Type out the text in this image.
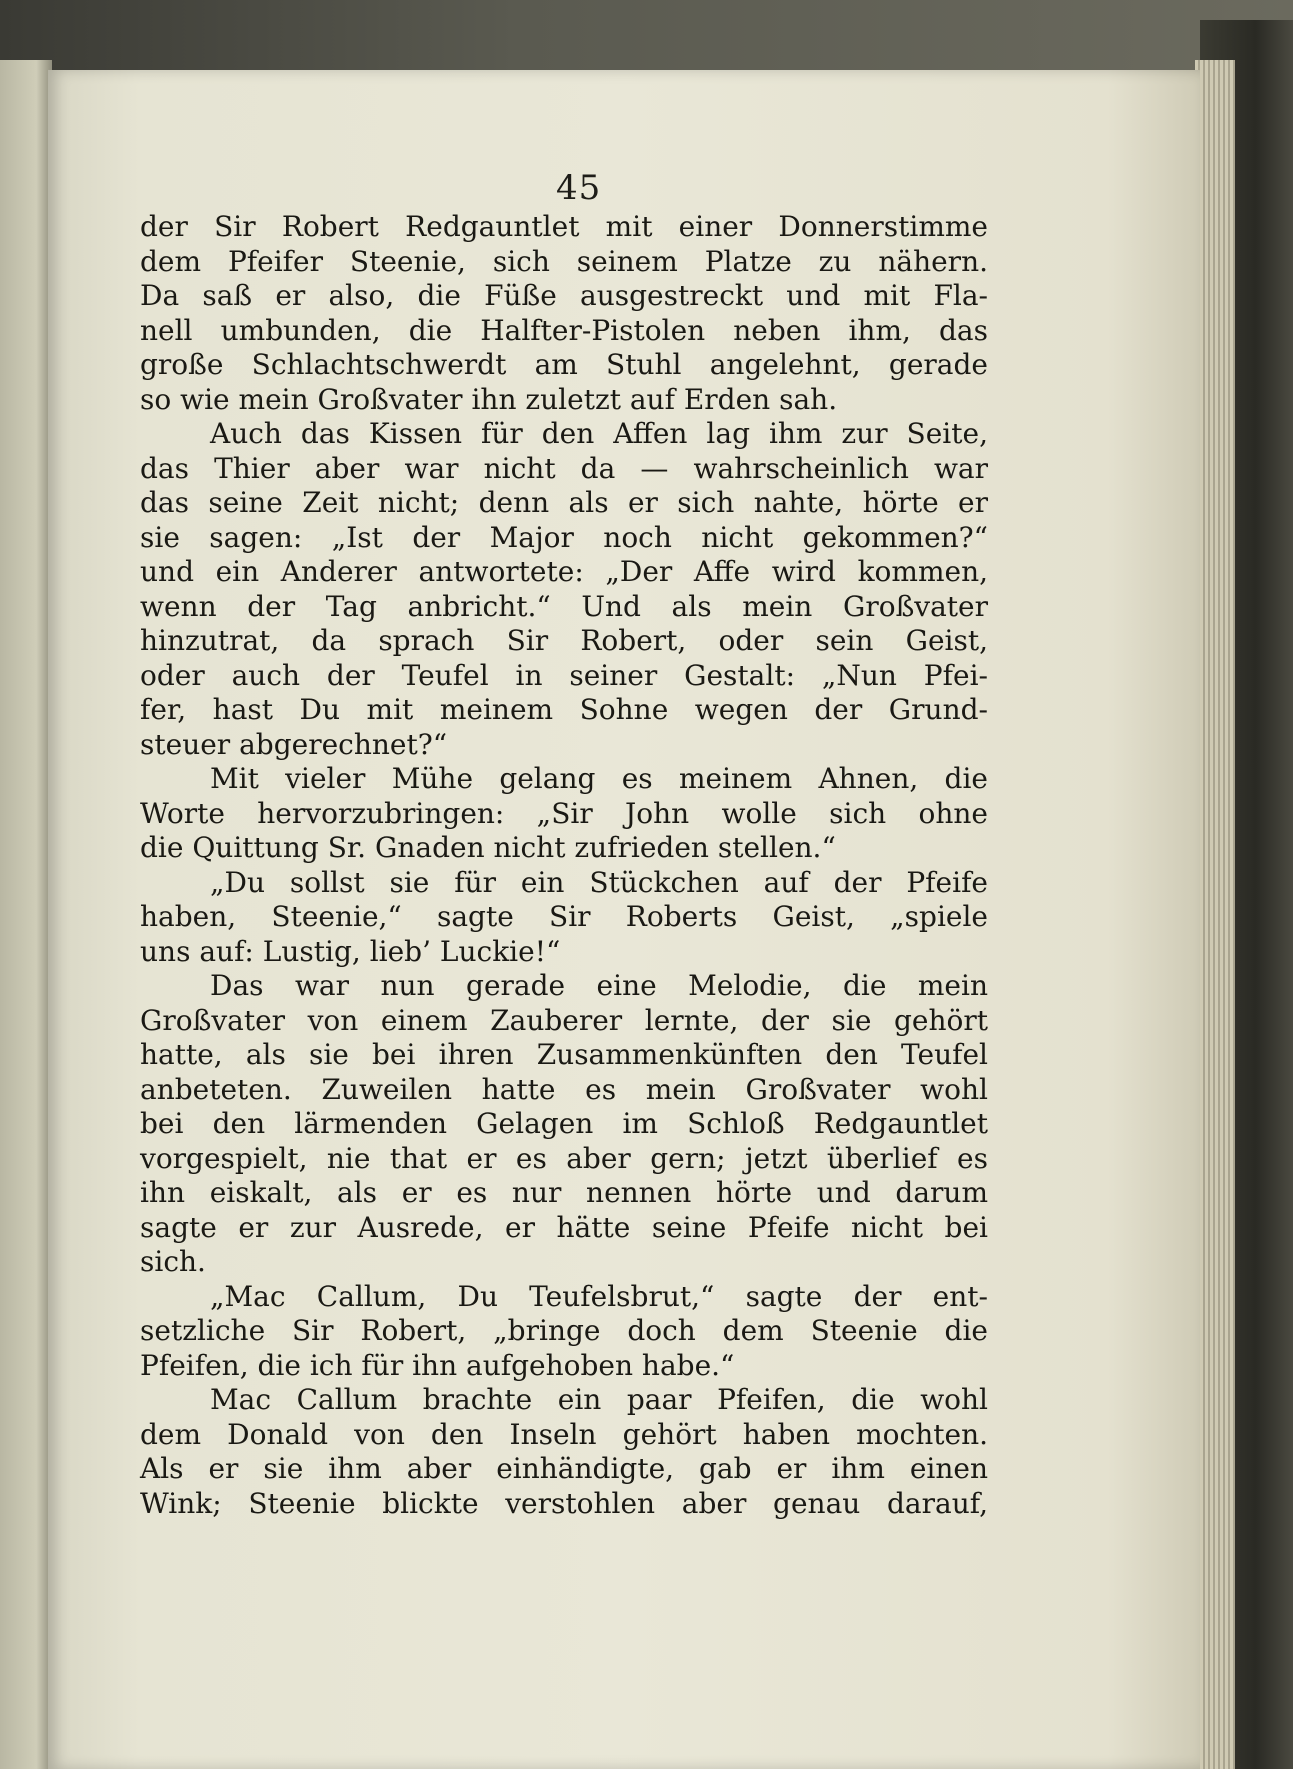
45
der Sir Robert Redgauntlet mit einer Donnerstimme
dem Pfeifer Steenie, sich seinem Platze zu nähern.
Da saß er also, die Füße ausgestreckt und mit Fla-
nell umbunden, die Halfter-Pistolen neben ihm, das
große Schlachtschwerdt am Stuhl angelehnt, gerade
so wie mein Großvater ihn zuletzt auf Erden sah.
Auch das Kissen für den Affen lag ihm zur Seite,
das Thier aber war nicht da — wahrscheinlich war
das seine Zeit nicht; denn als er sich nahte, hörte er
sie sagen: „Ist der Major noch nicht gekommen?“
und ein Anderer antwortete: „Der Affe wird kommen,
wenn der Tag anbricht.“ Und als mein Großvater
hinzutrat, da sprach Sir Robert, oder sein Geist,
oder auch der Teufel in seiner Gestalt: „Nun Pfei-
fer, hast Du mit meinem Sohne wegen der Grund-
steuer abgerechnet?“
Mit vieler Mühe gelang es meinem Ahnen, die
Worte hervorzubringen: „Sir John wolle sich ohne
die Quittung Sr. Gnaden nicht zufrieden stellen.“
„Du sollst sie für ein Stückchen auf der Pfeife
haben, Steenie,“ sagte Sir Roberts Geist, „spiele
uns auf: Lustig, lieb’ Luckie!“
Das war nun gerade eine Melodie, die mein
Großvater von einem Zauberer lernte, der sie gehört
hatte, als sie bei ihren Zusammenkünften den Teufel
anbeteten. Zuweilen hatte es mein Großvater wohl
bei den lärmenden Gelagen im Schloß Redgauntlet
vorgespielt, nie that er es aber gern; jetzt überlief es
ihn eiskalt, als er es nur nennen hörte und darum
sagte er zur Ausrede, er hätte seine Pfeife nicht bei
sich.
„Mac Callum, Du Teufelsbrut,“ sagte der ent-
setzliche Sir Robert, „bringe doch dem Steenie die
Pfeifen, die ich für ihn aufgehoben habe.“
Mac Callum brachte ein paar Pfeifen, die wohl
dem Donald von den Inseln gehört haben mochten.
Als er sie ihm aber einhändigte, gab er ihm einen
Wink; Steenie blickte verstohlen aber genau darauf,
